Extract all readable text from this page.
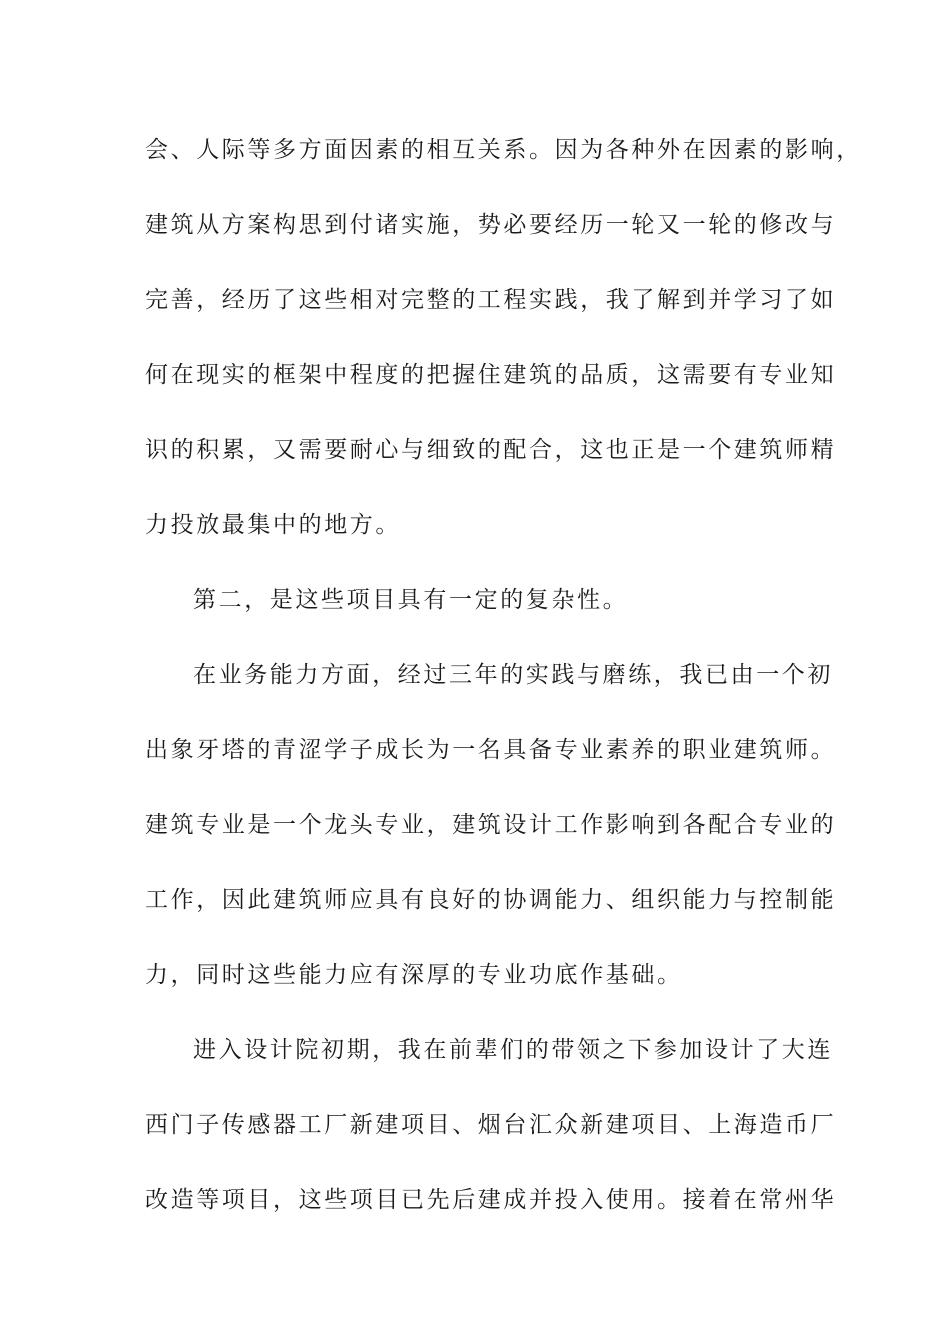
会、人际等多方面因素的相互关系。因为各种外在因素的影响，
建筑从方案构思到付诸实施，势必要经历一轮又一轮的修改与
完善，经历了这些相对完整的工程实践，我了解到并学习了如
何在现实的框架中程度的把握住建筑的品质，这需要有专业知
识的积累，又需要耐心与细致的配合，这也正是一个建筑师精
力投放最集中的地方。
第二，是这些项目具有一定的复杂性。
在业务能力方面，经过三年的实践与磨练，我已由一个初
出象牙塔的青涩学子成长为一名具备专业素养的职业建筑师。
建筑专业是一个龙头专业，建筑设计工作影响到各配合专业的
工作，因此建筑师应具有良好的协调能力、组织能力与控制能
力，同时这些能力应有深厚的专业功底作基础。
进入设计院初期，我在前辈们的带领之下参加设计了大连
西门子传感器工厂新建项目、烟台汇众新建项目、上海造币厂
改造等项目，这些项目已先后建成并投入使用。接着在常州华
